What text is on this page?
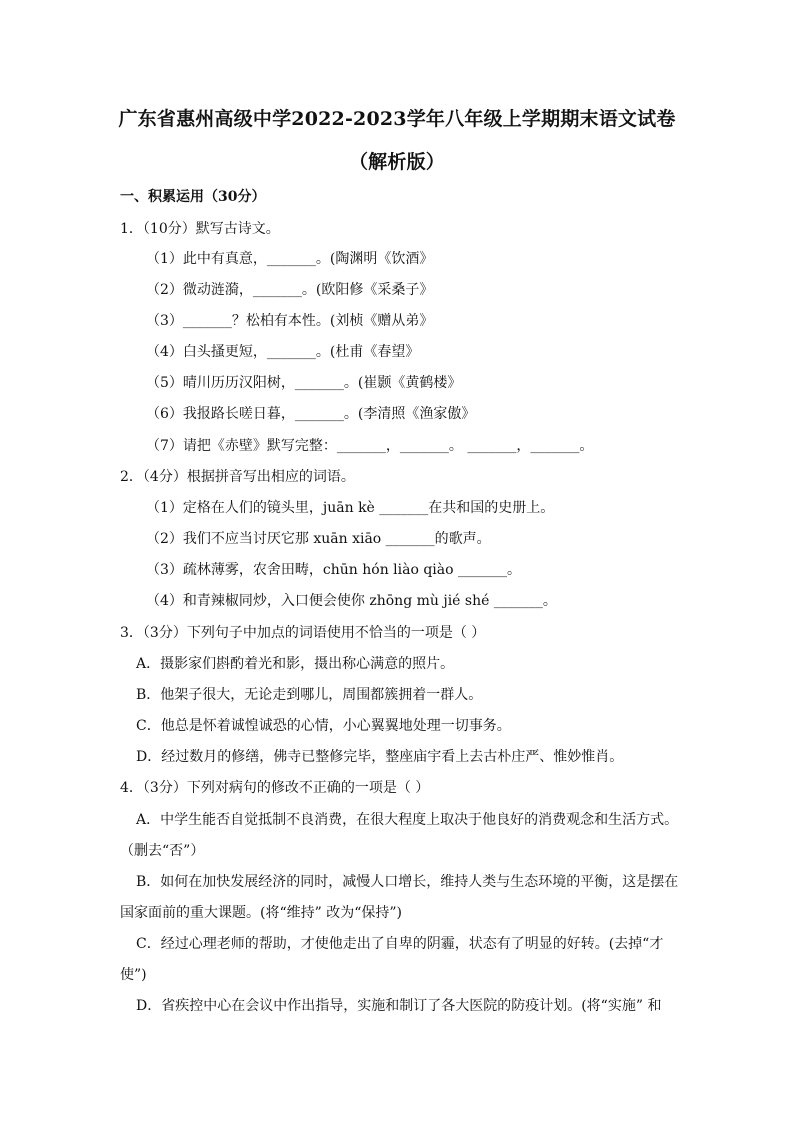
广东省惠州高级中学2022-2023学年八年级上学期期末语文试卷
（解析版）
一、积累运用（30分）
1．（10分）默写古诗文。
（1）此中有真意，_______。(陶渊明《饮酒》
（2）微动涟漪，_______。(欧阳修《采桑子》
（3）_______？松柏有本性。(刘桢《赠从弟》
（4）白头搔更短，_______。(杜甫《春望》
（5）晴川历历汉阳树，_______。(崔颢《黄鹤楼》
（6）我报路长嗟日暮，_______。(李清照《渔家傲》
（7）请把《赤壁》默写完整：_______，_______。 _______，_______。
2．（4分）根据拼音写出相应的词语。
（1）定格在人们的镜头里，juān kè _______在共和国的史册上。
（2）我们不应当讨厌它那 xuān xiāo _______的歌声。
（3）疏林薄雾，农舍田畴，chūn hón liào qiào _______。
（4）和青辣椒同炒，入口便会使你 zhōng mù jié shé _______。
3．（3分）下列句子中加点的词语使用不恰当的一项是（ ）
A．摄影家们斟酌着光和影，摄出称心满意的照片。
B．他架子很大，无论走到哪儿，周围都簇拥着一群人。
C．他总是怀着诚惶诚恐的心情，小心翼翼地处理一切事务。
D．经过数月的修缮，佛寺已整修完毕，整座庙宇看上去古朴庄严、惟妙惟肖。
4．（3分）下列对病句的修改不正确的一项是（ ）
A．中学生能否自觉抵制不良消费，在很大程度上取决于他良好的消费观念和生活方式。
（删去“否”）
B．如何在加快发展经济的同时，减慢人口增长，维持人类与生态环境的平衡，这是摆在
国家面前的重大课题。(将“维持” 改为“保持”)
C．经过心理老师的帮助，才使他走出了自卑的阴霾，状态有了明显的好转。(去掉“才
使”)
D．省疾控中心在会议中作出指导，实施和制订了各大医院的防疫计划。(将“实施” 和
